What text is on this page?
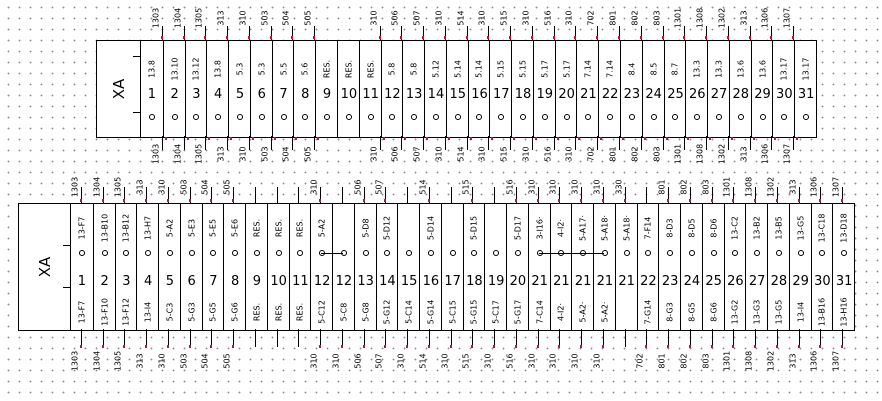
XA
13.8
1
13.10
2
13.12
3
13.8
4
5.3
5
5.3
6
5.5
7
5.6
8
RES.
9
RES.
10
RES.
11
5.8
12
5.8
13
5.12
14
5.14
15
5.14
16
5.15
17
5.15
18
5.17
19
5.17
20
7.14
21
7.14
22
8.4
23
8.5
24
8.7
25
13.3
26
13.3
27
13.6
28
13.6
29
13.17
30
13.17
31
1303
1303
1304
1304
1305
1305
313
313
310
310
503
503
504
504
505
505
310
310
506
506
507
507
310
310
514
514
310
310
515
515
310
310
516
516
310
310
702
702
801
801
802
802
803
803
1301
1301
1308
1308
1302
1302
313
313
1306
1306
1307
1307
XA
13-F7
1
13-F7
13-B10
2
13-F10
13-B12
3
13-F12
13-H7
4
13-I4
5-A2
5
5-C3
5-E3
6
5-G3
5-E5
7
5-G5
5-E6
8
5-G6
RES.
9
RES.
RES.
10
RES.
RES.
11
RES.
5-A2
12
5-C12
12
5-C8
5-D8
13
5-G8
5-D12
14
5-G12
15
5-C14
5-D14
16
5-G14
17
5-C15
5-D15
18
5-G15
19
5-C17
5-D17
20
5-G17
3-I16·
21
7-C14
4-I2·
21
4-I2·
5-A17·
21
5-A2·
5-A18·
21
5-A2·
5-A18·
21
7-F14
22
7-G14
8-D3
23
8-G3
8-D5
24
8-G5
8-D6
25
8-G6
13-C2
26
13-G2
13-B2
27
13-G3
13-B5
28
13-G5
13-G5
29
13-I4
13-C18
30
13-B16
13-D18
31
13-H16
1303
1303
1304
1304
1305
1305
313
313
310
310
503
503
504
504
505
505
310
310 310
506
506
507
507 310
514
514 310
515
515 310
516
516
310
310
310
310
310
310
310
310
330
702
801
801
802
802
803
803
1301
1301
1308
1308
1302
1302
313
313
1306
1306
1307
1307
